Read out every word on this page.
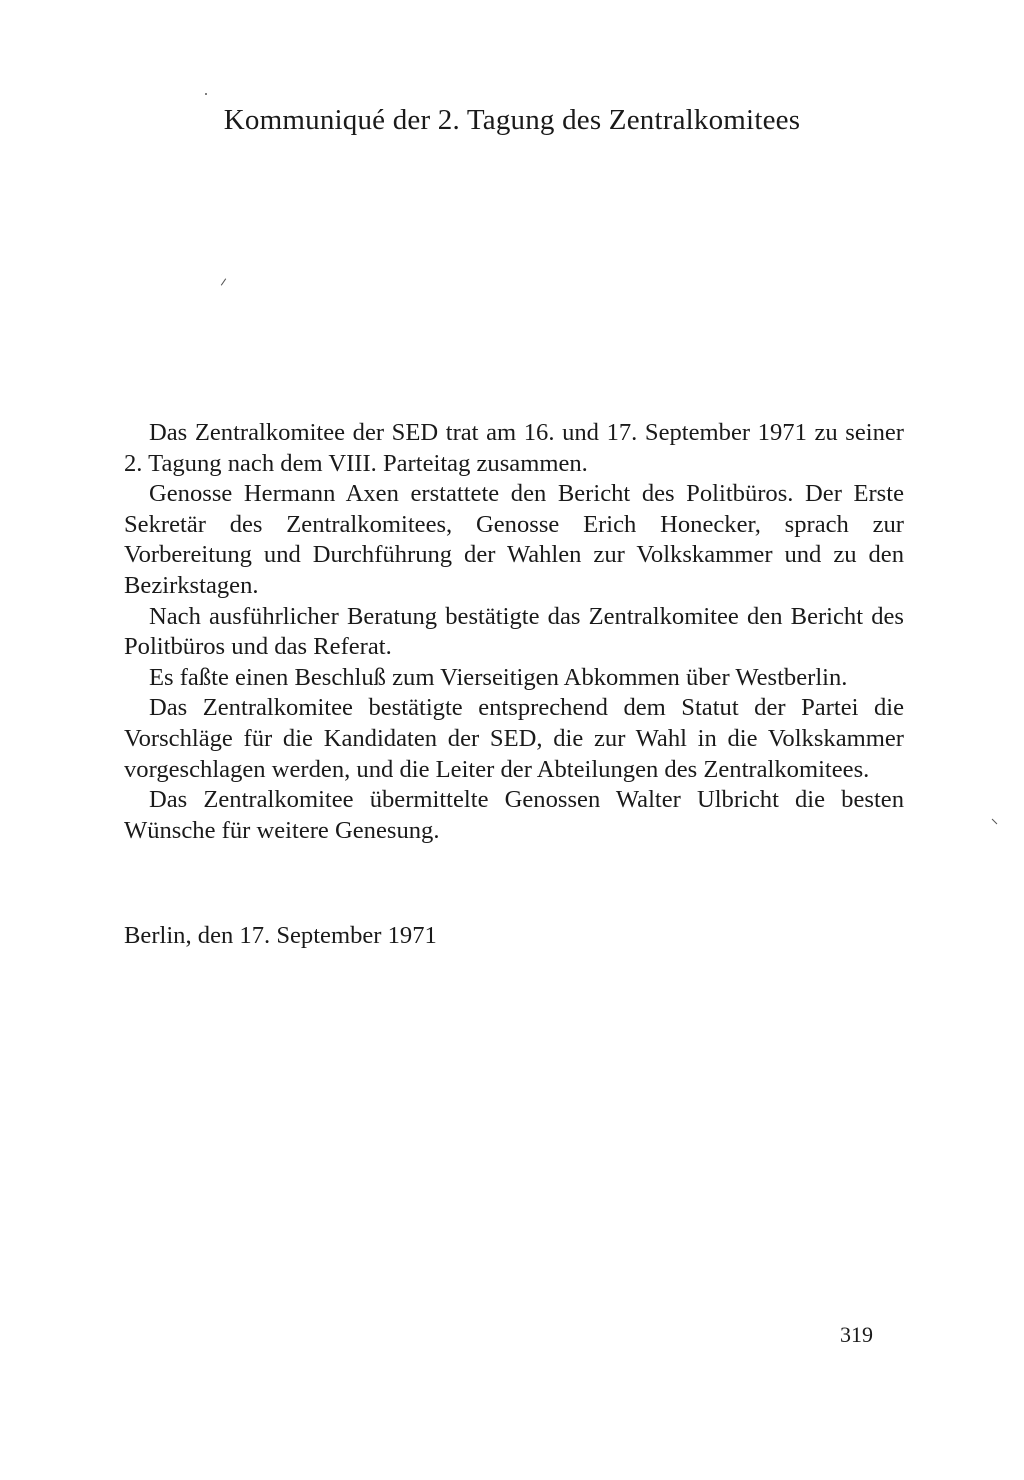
Kommuniqué der 2. Tagung des Zentralkomitees

Das Zentralkomitee der SED trat am 16. und 17. September 1971 zu seiner 2. Tagung nach dem VIII. Parteitag zusammen.

Genosse Hermann Axen erstattete den Bericht des Politbüros. Der Erste Sekretär des Zentralkomitees, Genosse Erich Honecker, sprach zur Vorbereitung und Durchführung der Wahlen zur Volkskammer und zu den Bezirkstagen.

Nach ausführlicher Beratung bestätigte das Zentralkomitee den Bericht des Politbüros und das Referat.

Es faßte einen Beschluß zum Vierseitigen Abkommen über Westberlin.

Das Zentralkomitee bestätigte entsprechend dem Statut der Partei die Vorschläge für die Kandidaten der SED, die zur Wahl in die Volkskammer vorgeschlagen werden, und die Leiter der Abteilungen des Zentralkomitees.

Das Zentralkomitee übermittelte Genossen Walter Ulbricht die besten Wünsche für weitere Genesung.

Berlin, den 17. September 1971
319
